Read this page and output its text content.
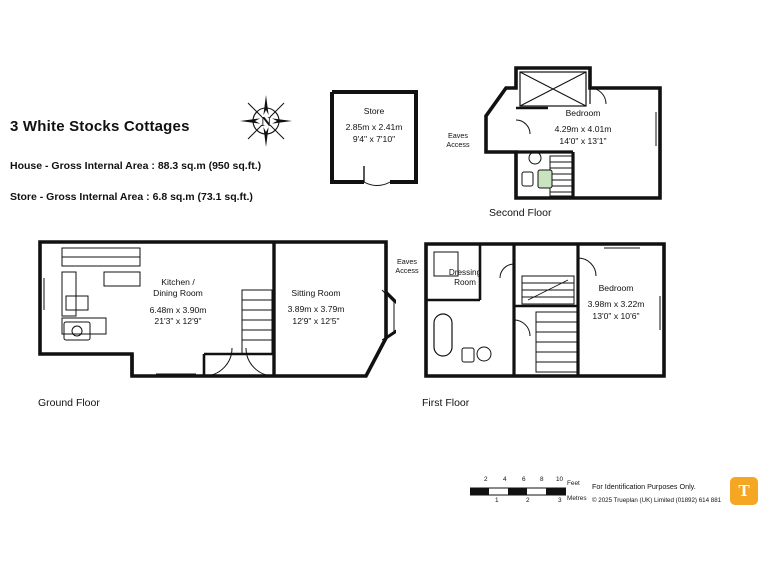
3 White Stocks Cottages
House - Gross Internal Area : 88.3 sq.m (950 sq.ft.)
Store - Gross Internal Area : 6.8 sq.m (73.1 sq.ft.)
N
Store
2.85m x 2.41m
9'4" x 7'10"
Bedroom
4.29m x 4.01m
14'0" x 13'1"
Eaves
Access
Second Floor
Kitchen /
Dining Room
6.48m x 3.90m
21'3" x 12'9"
Sitting Room
3.89m x 3.79m
12'9" x 12'5"
Ground Floor
Dressing
Room
Bedroom
3.98m x 3.22m
13'0" x 10'6"
Eaves
Access
First Floor
2 4 6 8 10
1	2	3
Feet
Metres
For Identification Purposes Only.
© 2025 Trueplan (UK) Limited (01892) 614 881
T
